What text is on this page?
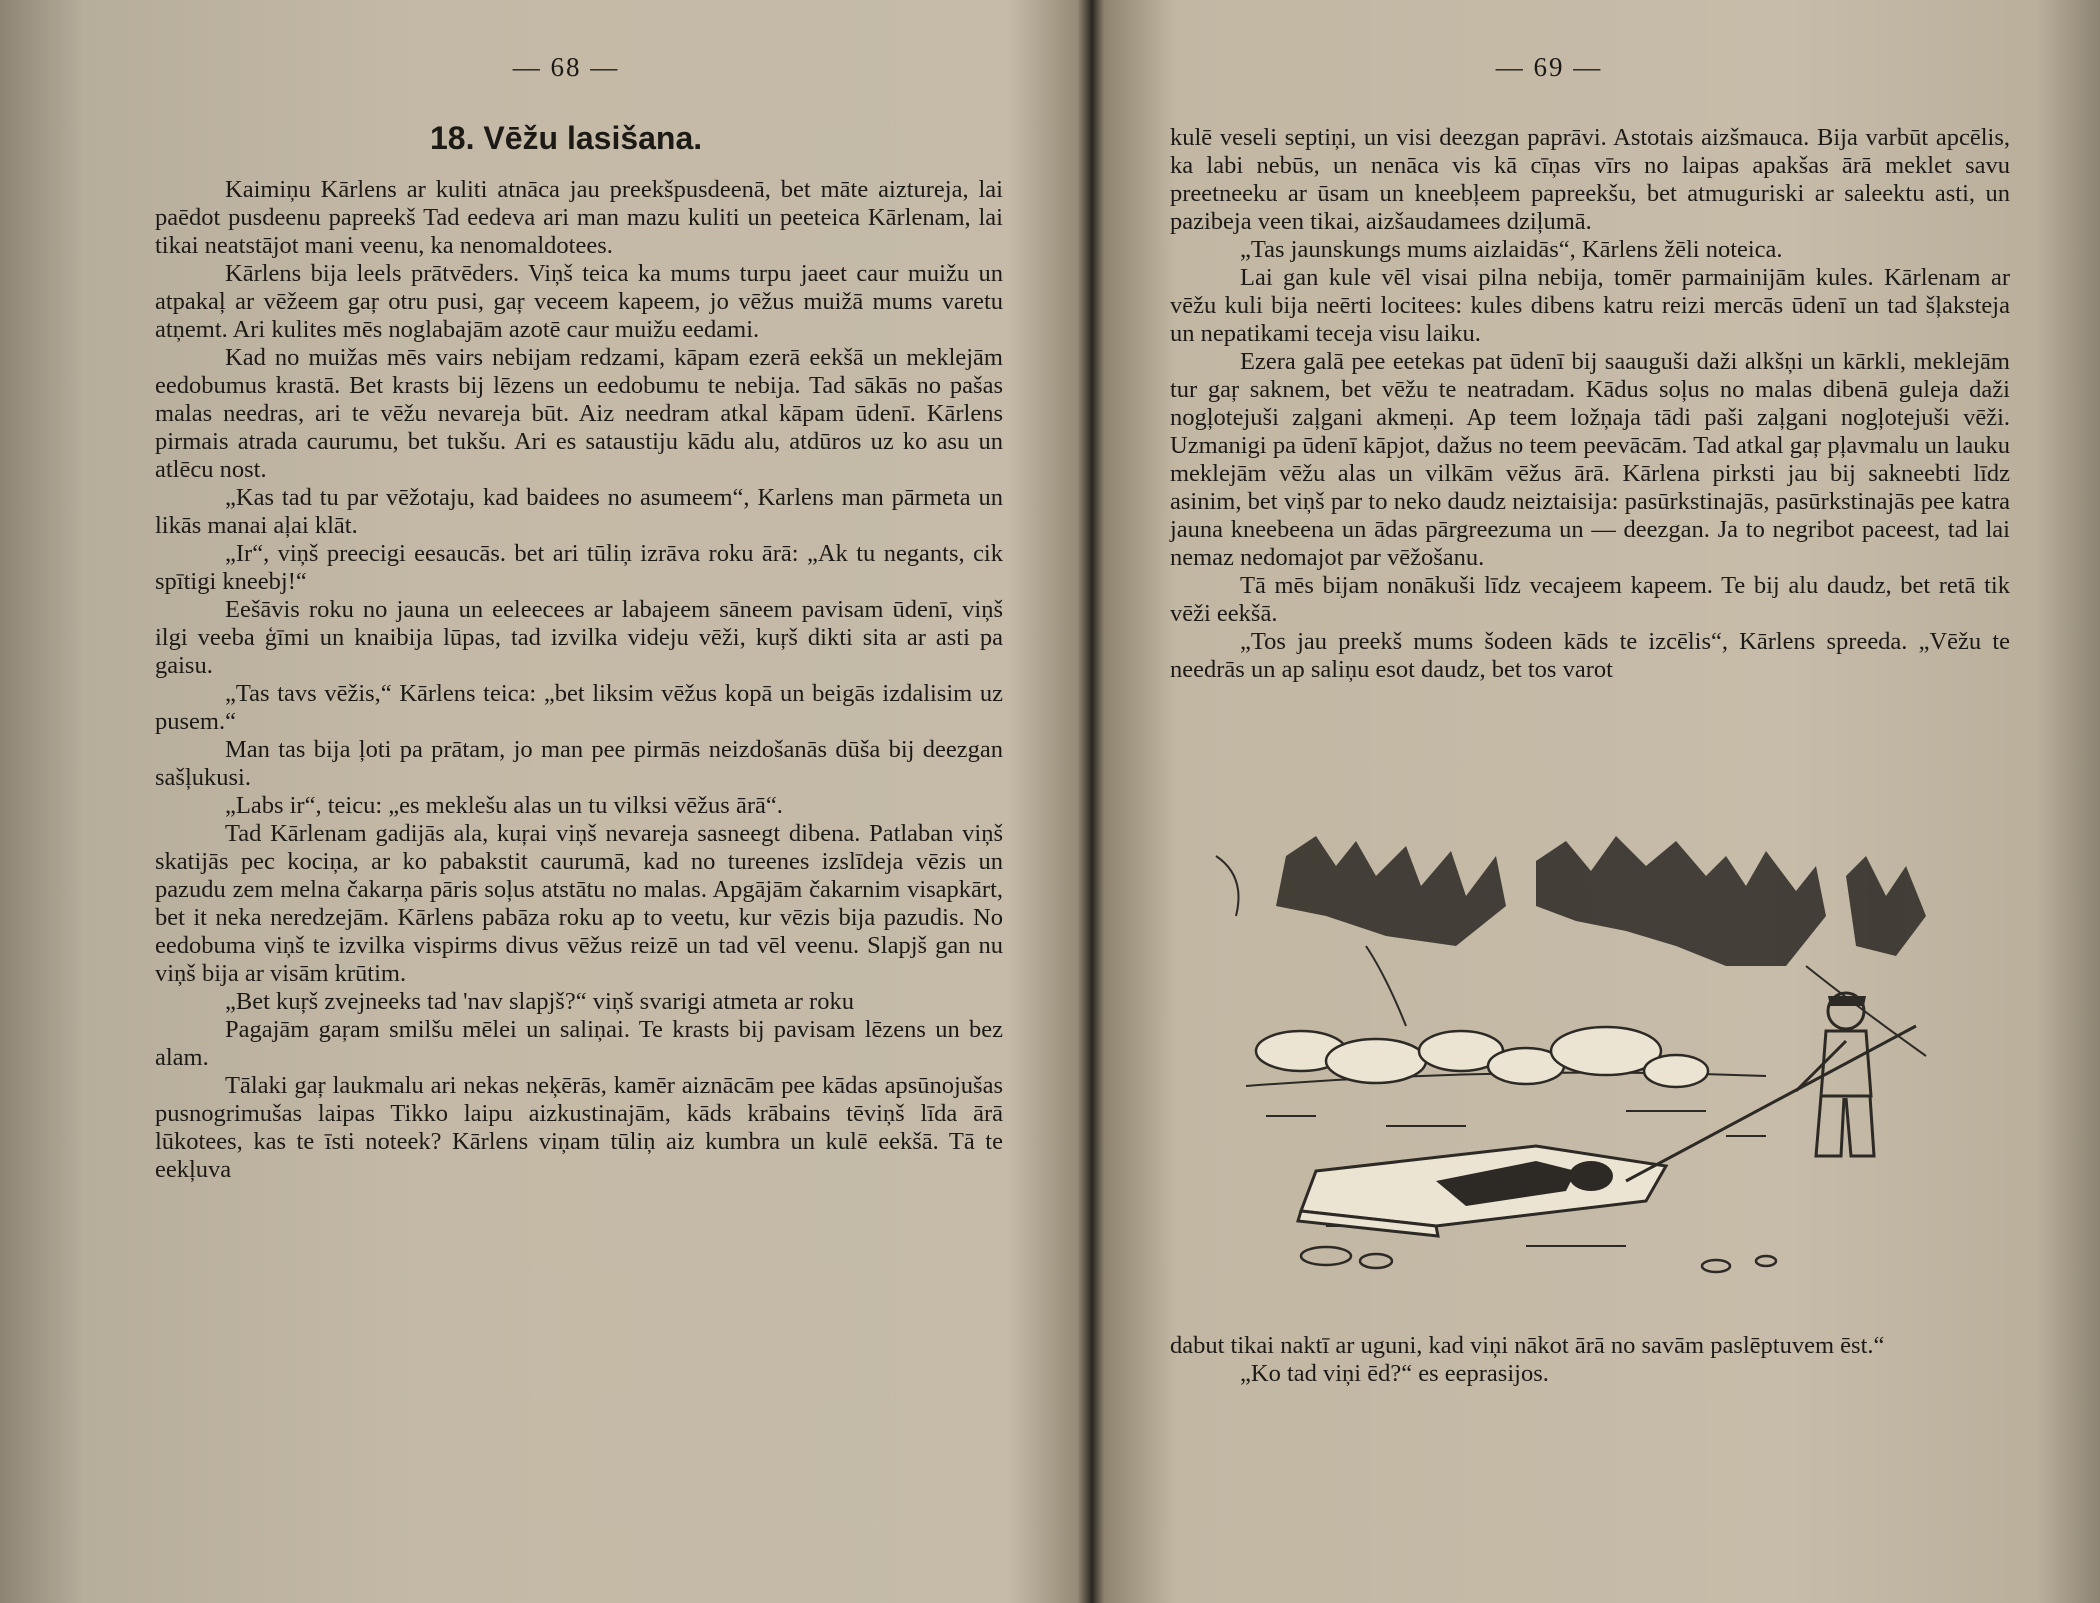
— 68 —
18. Vēžu lasišana.

Kaimiņu Kārlens ar kuliti atnāca jau preekšpusdeenā, bet māte aiztureja, lai paēdot pusdeenu papreekš Tad eedeva ari man mazu kuliti un peeteica Kārlenam, lai tikai neatstājot mani veenu, ka nenomaldotees.

Kārlens bija leels prātvēders. Viņš teica ka mums turpu jaeet caur muižu un atpakaļ ar vēžeem gaŗ otru pusi, gaŗ veceem kapeem, jo vēžus muižā mums varetu atņemt. Ari kulites mēs noglabajām azotē caur muižu eedami.

Kad no muižas mēs vairs nebijam redzami, kāpam ezerā eekšā un meklejām eedobumus krastā. Bet krasts bij lēzens un eedobumu te nebija. Tad sākās no pašas malas needras, ari te vēžu nevareja būt. Aiz needram atkal kāpam ūdenī. Kārlens pirmais atrada caurumu, bet tukšu. Ari es sataustiju kādu alu, atdūros uz ko asu un atlēcu nost.

„Kas tad tu par vēžotaju, kad baidees no asumeem“, Karlens man pārmeta un likās manai aļai klāt.

„Ir“, viņš preecigi eesaucās. bet ari tūliņ izrāva roku ārā: „Ak tu negants, cik spītigi kneebj!“

Eešāvis roku no jauna un eeleecees ar labajeem sāneem pavisam ūdenī, viņš ilgi veeba ģīmi un knaibija lūpas, tad izvilka videju vēži, kuŗš dikti sita ar asti pa gaisu.

„Tas tavs vēžis,“ Kārlens teica: „bet liksim vēžus kopā un beigās izdalisim uz pusem.“

Man tas bija ļoti pa prātam, jo man pee pirmās neizdošanās dūša bij deezgan sašļukusi.

„Labs ir“, teicu: „es meklešu alas un tu vilksi vēžus ārā“.

Tad Kārlenam gadijās ala, kuŗai viņš nevareja sasneegt dibena. Patlaban viņš skatijās pec kociņa, ar ko pabakstit caurumā, kad no tureenes izslīdeja vēzis un pazudu zem melna čakarņa pāris soļus atstātu no malas. Apgājām čakarnim visapkārt, bet it neka neredzejām. Kārlens pabāza roku ap to veetu, kur vēzis bija pazudis. No eedobuma viņš te izvilka vispirms divus vēžus reizē un tad vēl veenu. Slapjš gan nu viņš bija ar visām krūtim.

„Bet kuŗš zvejneeks tad 'nav slapjš?“ viņš svarigi atmeta ar roku

Pagajām gaŗam smilšu mēlei un saliņai. Te krasts bij pavisam lēzens un bez alam.

Tālaki gaŗ laukmalu ari nekas neķērās, kamēr aiznācām pee kādas apsūnojušas pusnogrimušas laipas Tikko laipu aizkustinajām, kāds krābains tēviņš līda ārā lūkotees, kas te īsti noteek? Kārlens viņam tūliņ aiz kumbra un kulē eekšā. Tā te eekļuva

— 69 —

kulē veseli septiņi, un visi deezgan paprāvi. Astotais aizšmauca. Bija varbūt apcēlis, ka labi nebūs, un nenāca vis kā cīņas vīrs no laipas apakšas ārā meklet savu preetneeku ar ūsam un kneebļeem papreekšu, bet atmuguriski ar saleektu asti, un pazibeja veen tikai, aizšaudamees dziļumā.

„Tas jaunskungs mums aizlaidās“, Kārlens žēli noteica.

Lai gan kule vēl visai pilna nebija, tomēr parmainijām kules. Kārlenam ar vēžu kuli bija neērti locitees: kules dibens katru reizi mercās ūdenī un tad šļaksteja un nepatikami teceja visu laiku.

Ezera galā pee eetekas pat ūdenī bij saauguši daži alkšņi un kārkli, meklejām tur gaŗ saknem, bet vēžu te neatradam. Kādus soļus no malas dibenā guleja daži nogļotejuši zaļgani akmeņi. Ap teem ložņaja tādi paši zaļgani nogļotejuši vēži. Uzmanigi pa ūdenī kāpjot, dažus no teem peevācām. Tad atkal gaŗ pļavmalu un lauku meklejām vēžu alas un vilkām vēžus ārā. Kārlena pirksti jau bij sakneebti līdz asinim, bet viņš par to neko daudz neiztaisija: pasūrkstinajās, pasūrkstinajās pee katra jauna kneebeena un ādas pārgreezuma un — deezgan. Ja to negribot paceest, tad lai nemaz nedomajot par vēžošanu.

Tā mēs bijam nonākuši līdz vecajeem kapeem. Te bij alu daudz, bet retā tik vēži eekšā.

„Tos jau preekš mums šodeen kāds te izcēlis“, Kārlens spreeda. „Vēžu te needrās un ap saliņu esot daudz, bet tos varot

dabut tikai naktī ar uguni, kad viņi nākot ārā no savām paslēptuvem ēst.“

„Ko tad viņi ēd?“ es eeprasijos.
